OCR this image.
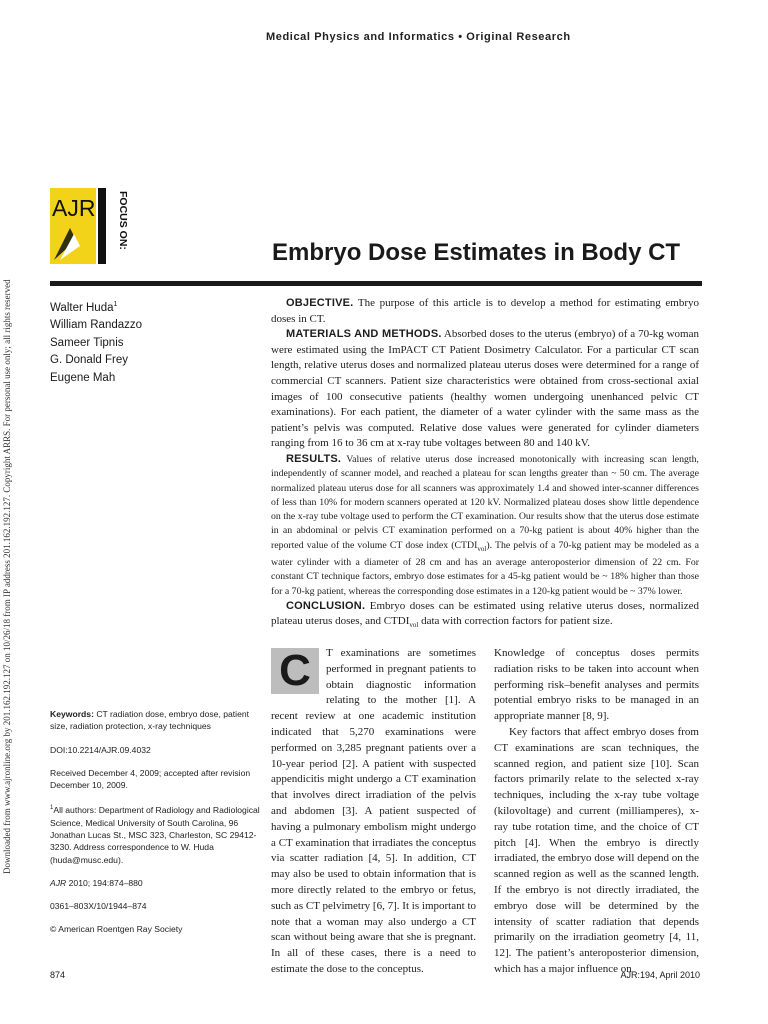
Medical Physics and Informatics • Original Research
Downloaded from www.ajronline.org by 201.162.192.127 on 10/26/18 from IP address 201.162.192.127. Copyright ARRS. For personal use only; all rights reserved
AJR FOCUS ON:
Embryo Dose Estimates in Body CT
Walter Huda$^1$
William Randazzo
Sameer Tipnis
G. Donald Frey
Eugene Mah

OBJECTIVE. The purpose of this article is to develop a method for estimating embryo doses in CT.

MATERIALS AND METHODS. Absorbed doses to the uterus (embryo) of a 70-kg woman were estimated using the ImPACT CT Patient Dosimetry Calculator. For a particular CT scan length, relative uterus doses and normalized plateau uterus doses were determined for a range of commercial CT scanners. Patient size characteristics were obtained from cross-sectional axial images of 100 consecutive patients (healthy women undergoing unenhanced pelvic CT examinations). For each patient, the diameter of a water cylinder with the same mass as the patient’s pelvis was computed. Relative dose values were generated for cylinder diameters ranging from 16 to 36 cm at x-ray tube voltages between 80 and 140 kV.

RESULTS. Values of relative uterus dose increased monotonically with increasing scan length, independently of scanner model, and reached a plateau for scan lengths greater than ~ 50 cm. The average normalized plateau uterus dose for all scanners was approximately 1.4 and showed inter-scanner differences of less than 10% for modern scanners operated at 120 kV. Normalized plateau doses show little dependence on the x-ray tube voltage used to perform the CT examination. Our results show that the uterus dose estimate in an abdominal or pelvis CT examination performed on a 70-kg patient is about 40% higher than the reported value of the volume CT dose index $(CTDI_{vol})$. The pelvis of a 70-kg patient may be modeled as a water cylinder with a diameter of 28 cm and has an average anteroposterior dimension of 22 cm. For constant CT technique factors, embryo dose estimates for a 45-kg patient would be ~ 18% higher than those for a 70-kg patient, whereas the corresponding dose estimates in a 120-kg patient would be ~ 37% lower.

CONCLUSION. Embryo doses can be estimated using relative uterus doses, normalized plateau uterus doses, and $CTDI_{vol}$ data with correction factors for patient size.

Keywords: CT radiation dose, embryo dose, patient size, radiation protection, x-ray techniques

DOI:10.2214/AJR.09.4032

Received December 4, 2009; accepted after revision December 10, 2009.

$^1$All authors: Department of Radiology and Radiological Science, Medical University of South Carolina, 96 Jonathan Lucas St., MSC 323, Charleston, SC 29412-3230. Address correspondence to W. Huda (huda@musc.edu).

AJR 2010; 194:874–880

0361–803X/10/1944–874

© American Roentgen Ray Society

C	T examinations are sometimes performed in pregnant patients to obtain diagnostic information relating to the mother [1]. A recent review at one academic institution indicated that 5,270 examinations were performed on 3,285 pregnant patients over a 10-year period [2]. A patient with suspected appendicitis might undergo a CT examination that involves direct irradiation of the pelvis and abdomen [3]. A patient suspected of having a pulmonary embolism might undergo a CT examination that irradiates the conceptus via scatter radiation [4, 5]. In addition, CT may also be used to obtain information that is more directly related to the embryo or fetus, such as CT pelvimetry [6, 7]. It is important to note that a woman may also undergo a CT scan without being aware that she is pregnant. In all of these cases, there is a need to estimate the dose to the conceptus.

Knowledge of conceptus doses permits radiation risks to be taken into account when performing risk–benefit analyses and permits potential embryo risks to be managed in an appropriate manner [8, 9].

Key factors that affect embryo doses from CT examinations are scan techniques, the scanned region, and patient size [10]. Scan factors primarily relate to the selected x-ray techniques, including the x-ray tube voltage (kilovoltage) and current (milliamperes), x-ray tube rotation time, and the choice of CT pitch [4]. When the embryo is directly irradiated, the embryo dose will depend on the scanned region as well as the scanned length. If the embryo is not directly irradiated, the embryo dose will be determined by the intensity of scatter radiation that depends primarily on the irradiation geometry [4, 11, 12]. The patient’s anteroposterior dimension, which has a major influence on

874	AJR:194, April 2010
